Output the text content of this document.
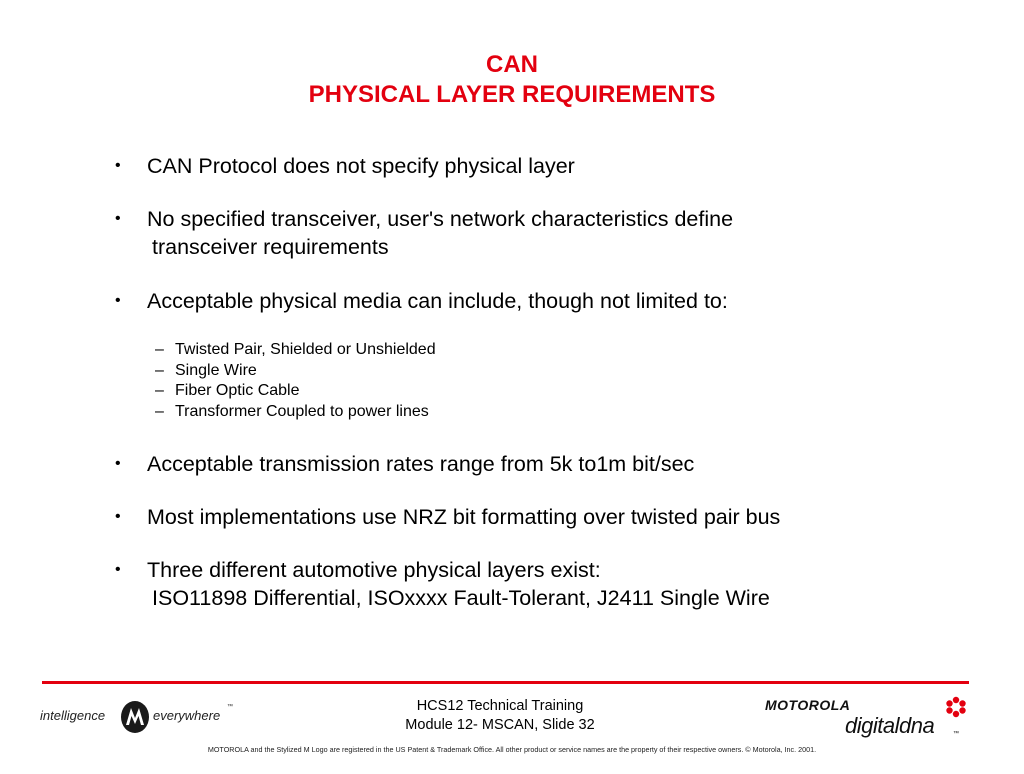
CAN
PHYSICAL LAYER REQUIREMENTS
•	CAN Protocol does not specify physical layer
•	No specified transceiver, user's network characteristics define
transceiver requirements
•	Acceptable physical media can include, though not limited to:
– Twisted Pair, Shielded or Unshielded
– Single Wire
– Fiber Optic Cable
– Transformer Coupled to power lines
•	Acceptable transmission rates range from 5k to1m bit/sec
•	Most implementations use NRZ bit formatting over twisted pair bus
•	Three different automotive physical layers exist:
ISO11898 Differential, ISOxxxx Fault-Tolerant, J2411 Single Wire
intelligence	everywhere
™	HCS12 Technical Training
Module 12- MSCAN, Slide 32
MOTOROLA
digitaldna	™
MOTOROLA and the Stylized M Logo are registered in the US Patent & Trademark Office. All other product or service names are the property of their respective owners. © Motorola, Inc. 2001.
